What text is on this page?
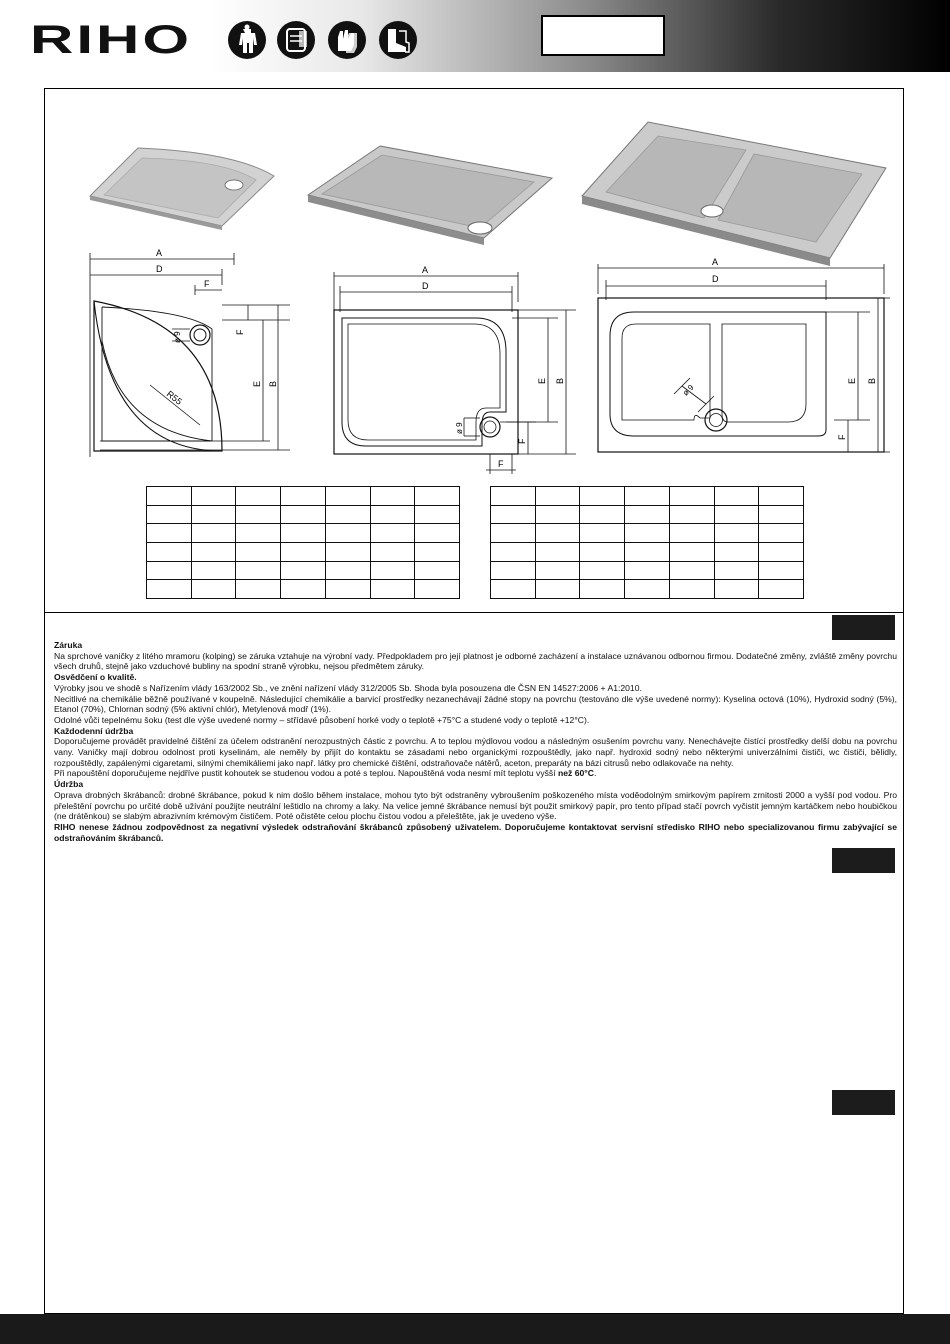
RIHO
A
D
F
F
E B
ø 9
R55
A
D
E B
F
F
ø 9
A
D
E B
F
ø 9

Záruka

Na sprchové vaničky z litého mramoru (kolping) se záruka vztahuje na výrobní vady. Předpokladem pro její platnost je odborné zacházení a instalace uznávanou odbornou firmou. Dodatečné změny, zvláště změny povrchu všech druhů, stejně jako vzduchové bubliny na spodní straně výrobku, nejsou předmětem záruky.

Osvědčení o kvalitě.

Výrobky jsou ve shodě s Nařízením vlády 163/2002 Sb., ve znění nařízení vlády 312/2005 Sb. Shoda byla posouzena dle ČSN EN 14527:2006 + A1:2010.

Necitlivé na chemikálie běžně používané v koupelně. Následující chemikálie a barvicí prostředky nezanechávají žádné stopy na povrchu (testováno dle výše uvedené normy): Kyselina octová (10%), Hydroxid sodný (5%), Etanol (70%), Chlornan sodný (5% aktivní chlór), Metylenová modř (1%).

Odolné vůči tepelnému šoku (test dle výše uvedené normy – střídavé působení horké vody o teplotě +75°C a studené vody o teplotě +12°C).

Každodenní údržba

Doporučujeme provádět pravidelné čištění za účelem odstranění nerozpustných částic z povrchu. A to teplou mýdlovou vodou a následným osušením povrchu vany. Nenechávejte čistící prostředky delší dobu na povrchu vany. Vaničky mají dobrou odolnost proti kyselinám, ale neměly by přijít do kontaktu se zásadami nebo organickými rozpouštědly, jako např. hydroxid sodný nebo některými univerzálními čističi, wc čističi, bělidly, rozpouštědly, zapálenými cigaretami, silnými chemikáliemi jako např. látky pro chemické čištění, odstraňovače nátěrů, aceton, preparáty na bázi citrusů nebo odlakovače na nehty.

Při napouštění doporučujeme nejdříve pustit kohoutek se studenou vodou a poté s teplou. Napouštěná voda nesmí mít teplotu vyšší než 60°C.

Údržba

Oprava drobných škrábanců: drobné škrábance, pokud k nim došlo během instalace, mohou tyto být odstraněny vybroušením poškozeného místa voděodolným smirkovým papírem zrnitosti 2000 a vyšší pod vodou. Pro přeleštění povrchu po určité době užívání použijte neutrální leštidlo na chromy a laky. Na velice jemné škrábance nemusí být použit smirkový papír, pro tento případ stačí povrch vyčistit jemným kartáčkem nebo houbičkou (ne drátěnkou) se slabým abrazivním krémovým čističem. Poté očistěte celou plochu čistou vodou a přeleštěte, jak je uvedeno výše.

RIHO nenese žádnou zodpovědnost za negativní výsledek odstraňování škrábanců způsobený uživatelem. Doporučujeme kontaktovat servisní středisko RIHO nebo specializovanou firmu zabývající se odstraňováním škrábanců.
